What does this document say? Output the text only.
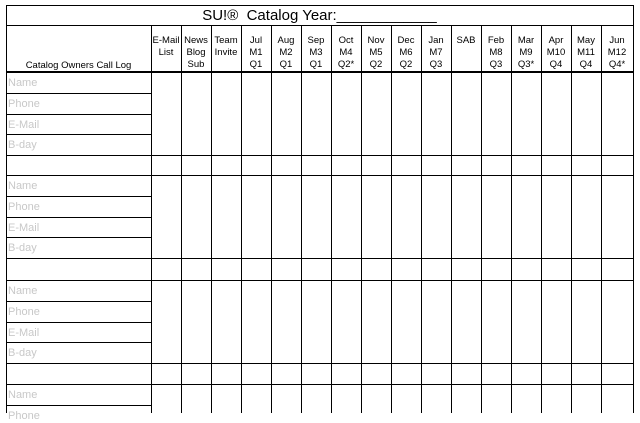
SU!®  Catalog Year:____________
Catalog Owners Call Log
E-Mail
List
News
Blog
Sub
Team
Invite
Jul
M1
Q1
Aug
M2
Q1
Sep
M3
Q1
Oct
M4
Q2*
Nov
M5
Q2
Dec
M6
Q2
Jan
M7
Q3
SAB	Feb
M8
Q3
Mar
M9
Q3*
Apr
M10
Q4
May
M11
Q4
Jun
M12
Q4*
Name
Phone
E-Mail
B-day
Name
Phone
E-Mail
B-day
Name
Phone
E-Mail
B-day
Name
Phone
